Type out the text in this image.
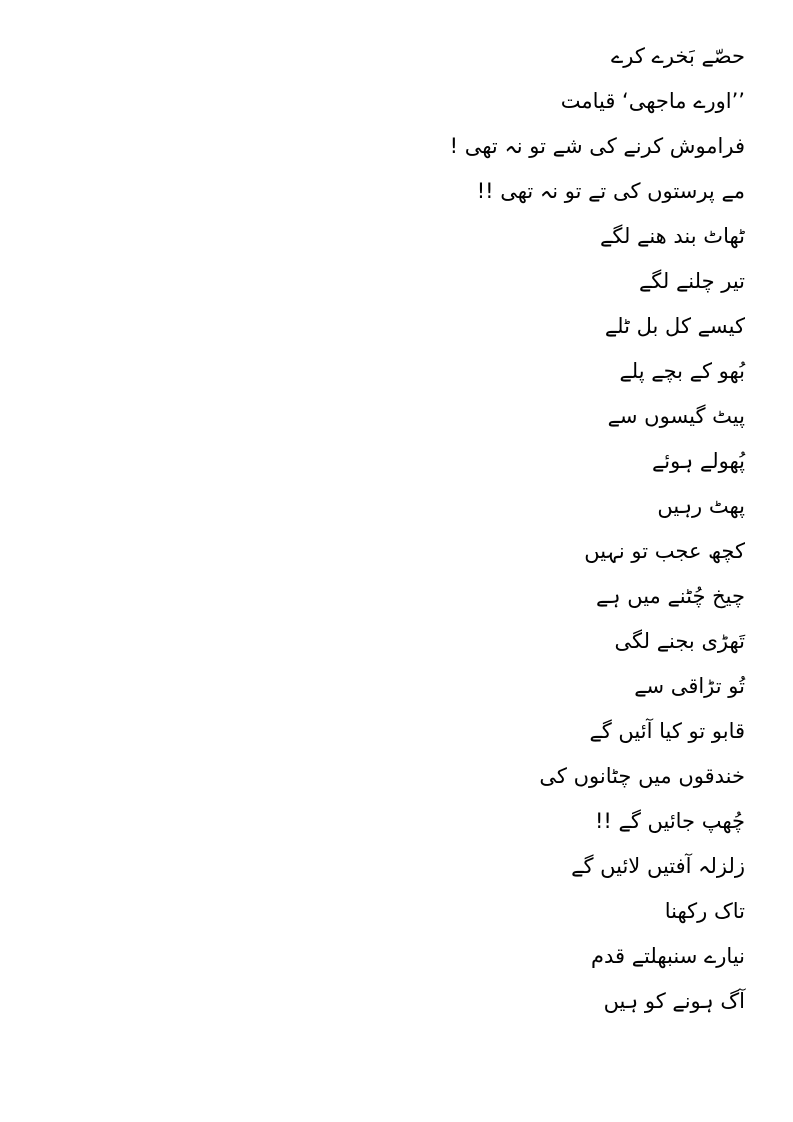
حصّے بَخرے کرے
’’اورے ماجھی‘ قیامت
فراموش کرنے کی شے تو نہ تھی !
مے پرستوں کی تے تو نہ تھی !!
ٹھاٹ بند ھنے لگے
تیر چلنے لگے
کیسے کل بل ٹلے
بُھو کے بچے پلے
پیٹ گیسوں سے
پُھولے ہوئے
پھٹ رہیں
کچھ عجب تو نہیں
چیخ چُٹنے میں ہے
تَھڑی بجنے لگی
تُو تڑاقی سے
قابو تو کیا آئیں گے
خندقوں میں چٹانوں کی
چُھپ جائیں گے !!
زلزلہ آفتیں لائیں گے
تاک رکھنا
نیارے سنبھلتے قدم
آگ ہونے کو ہیں
